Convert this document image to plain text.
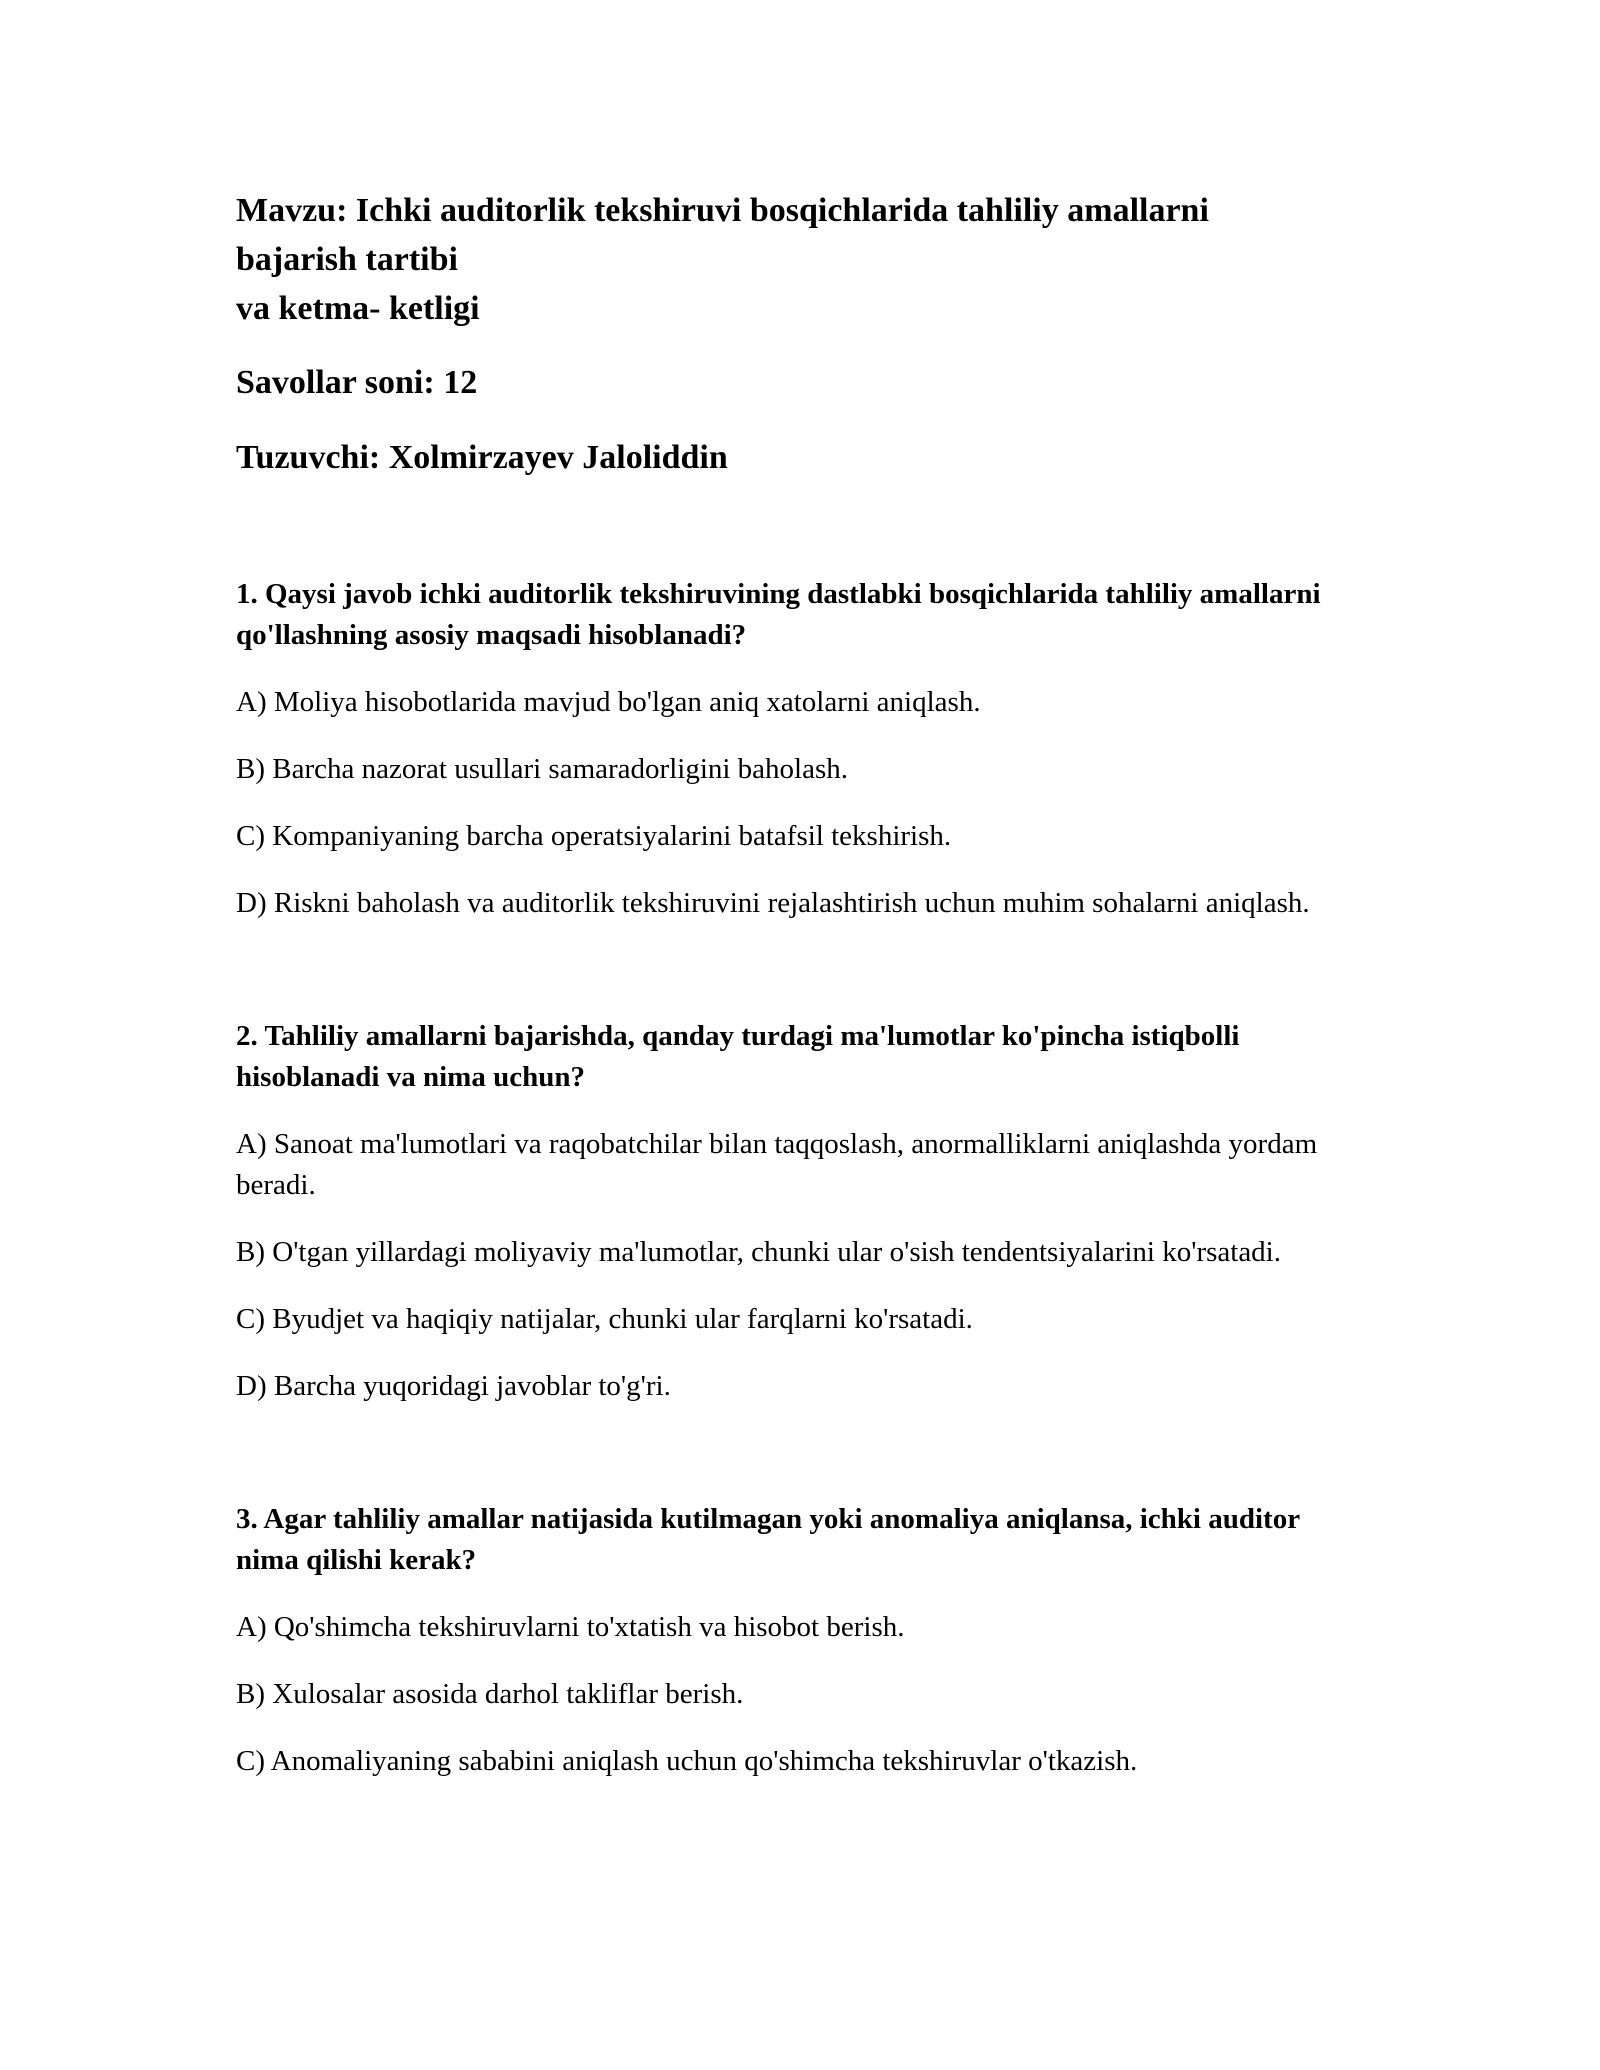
Mavzu: Ichki auditorlik tekshiruvi bosqichlarida tahliliy amallarni
bajarish tartibi
va ketma- ketligi

Savollar soni: 12

Tuzuvchi: Xolmirzayev Jaloliddin

1. Qaysi javob ichki auditorlik tekshiruvining dastlabki bosqichlarida tahliliy amallarni qo'llashning asosiy maqsadi hisoblanadi?

A) Moliya hisobotlarida mavjud bo'lgan aniq xatolarni aniqlash.

B) Barcha nazorat usullari samaradorligini baholash.

C) Kompaniyaning barcha operatsiyalarini batafsil tekshirish.

D) Riskni baholash va auditorlik tekshiruvini rejalashtirish uchun muhim sohalarni aniqlash.

2. Tahliliy amallarni bajarishda, qanday turdagi ma'lumotlar ko'pincha istiqbolli hisoblanadi va nima uchun?

A) Sanoat ma'lumotlari va raqobatchilar bilan taqqoslash, anormalliklarni aniqlashda yordam beradi.

B) O'tgan yillardagi moliyaviy ma'lumotlar, chunki ular o'sish tendentsiyalarini ko'rsatadi.

C) Byudjet va haqiqiy natijalar, chunki ular farqlarni ko'rsatadi.

D) Barcha yuqoridagi javoblar to'g'ri.

3. Agar tahliliy amallar natijasida kutilmagan yoki anomaliya aniqlansa, ichki auditor nima qilishi kerak?

A) Qo'shimcha tekshiruvlarni to'xtatish va hisobot berish.

B) Xulosalar asosida darhol takliflar berish.

C) Anomaliyaning sababini aniqlash uchun qo'shimcha tekshiruvlar o'tkazish.
